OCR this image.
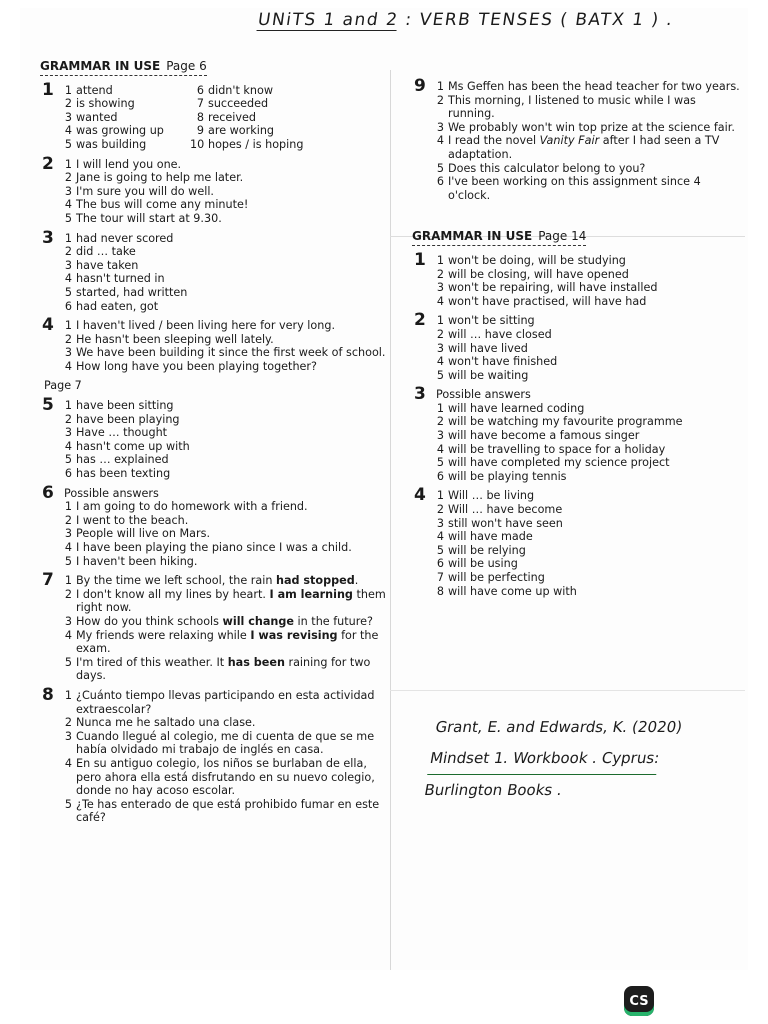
UNiTS 1 and 2 : VERB TENSES ( BATX 1 ) .
GRAMMAR IN USE Page 6
1 1 attend
2 is showing
3 wanted
4 was growing up
5 was building
6 didn't know
7 succeeded
8 received
9 are working
10 hopes / is hoping
2 1 I will lend you one.
2 Jane is going to help me later.
3 I'm sure you will do well.
4 The bus will come any minute!
5 The tour will start at 9.30.
3 1 had never scored
2 did … take
3 have taken
4 hasn't turned in
5 started, had written
6 had eaten, got
4 1 I haven't lived / been living here for very long.
2 He hasn't been sleeping well lately.
3 We have been building it since the first week of school.
4 How long have you been playing together?
Page 7
5 1 have been sitting
2 have been playing
3 Have … thought
4 hasn't come up with
5 has … explained
6 has been texting
6 Possible answers
1 I am going to do homework with a friend.
2 I went to the beach.
3 People will live on Mars.
4 I have been playing the piano since I was a child.
5 I haven't been hiking.
7 1 By the time we left school, the rain had stopped.
2 I don't know all my lines by heart. I am learning them right now.
3 How do you think schools will change in the future?
4 My friends were relaxing while I was revising for the exam.
5 I'm tired of this weather. It has been raining for two days.
8 1 ¿Cuánto tiempo llevas participando en esta actividad extraescolar?
2 Nunca me he saltado una clase.
3 Cuando llegué al colegio, me di cuenta de que se me había olvidado mi trabajo de inglés en casa.
4 En su antiguo colegio, los niños se burlaban de ella, pero ahora ella está disfrutando en su nuevo colegio, donde no hay acoso escolar.
5 ¿Te has enterado de que está prohibido fumar en este café?
9 1 Ms Geffen has been the head teacher for two years.
2 This morning, I listened to music while I was running.
3 We probably won't win top prize at the science fair.
4 I read the novel Vanity Fair after I had seen a TV adaptation.
5 Does this calculator belong to you?
6 I've been working on this assignment since 4 o'clock.
GRAMMAR IN USE Page 14
1 1 won't be doing, will be studying
2 will be closing, will have opened
3 won't be repairing, will have installed
4 won't have practised, will have had
2 1 won't be sitting
2 will … have closed
3 will have lived
4 won't have finished
5 will be waiting
3 Possible answers
1 will have learned coding
2 will be watching my favourite programme
3 will have become a famous singer
4 will be travelling to space for a holiday
5 will have completed my science project
6 will be playing tennis
4 1 Will … be living
2 Will … have become
3 still won't have seen
4 will have made
5 will be relying
6 will be using
7 will be perfecting
8 will have come up with
Grant, E. and Edwards, K. (2020)
Mindset 1. Workbook . Cyprus:
Burlington Books .
CS
